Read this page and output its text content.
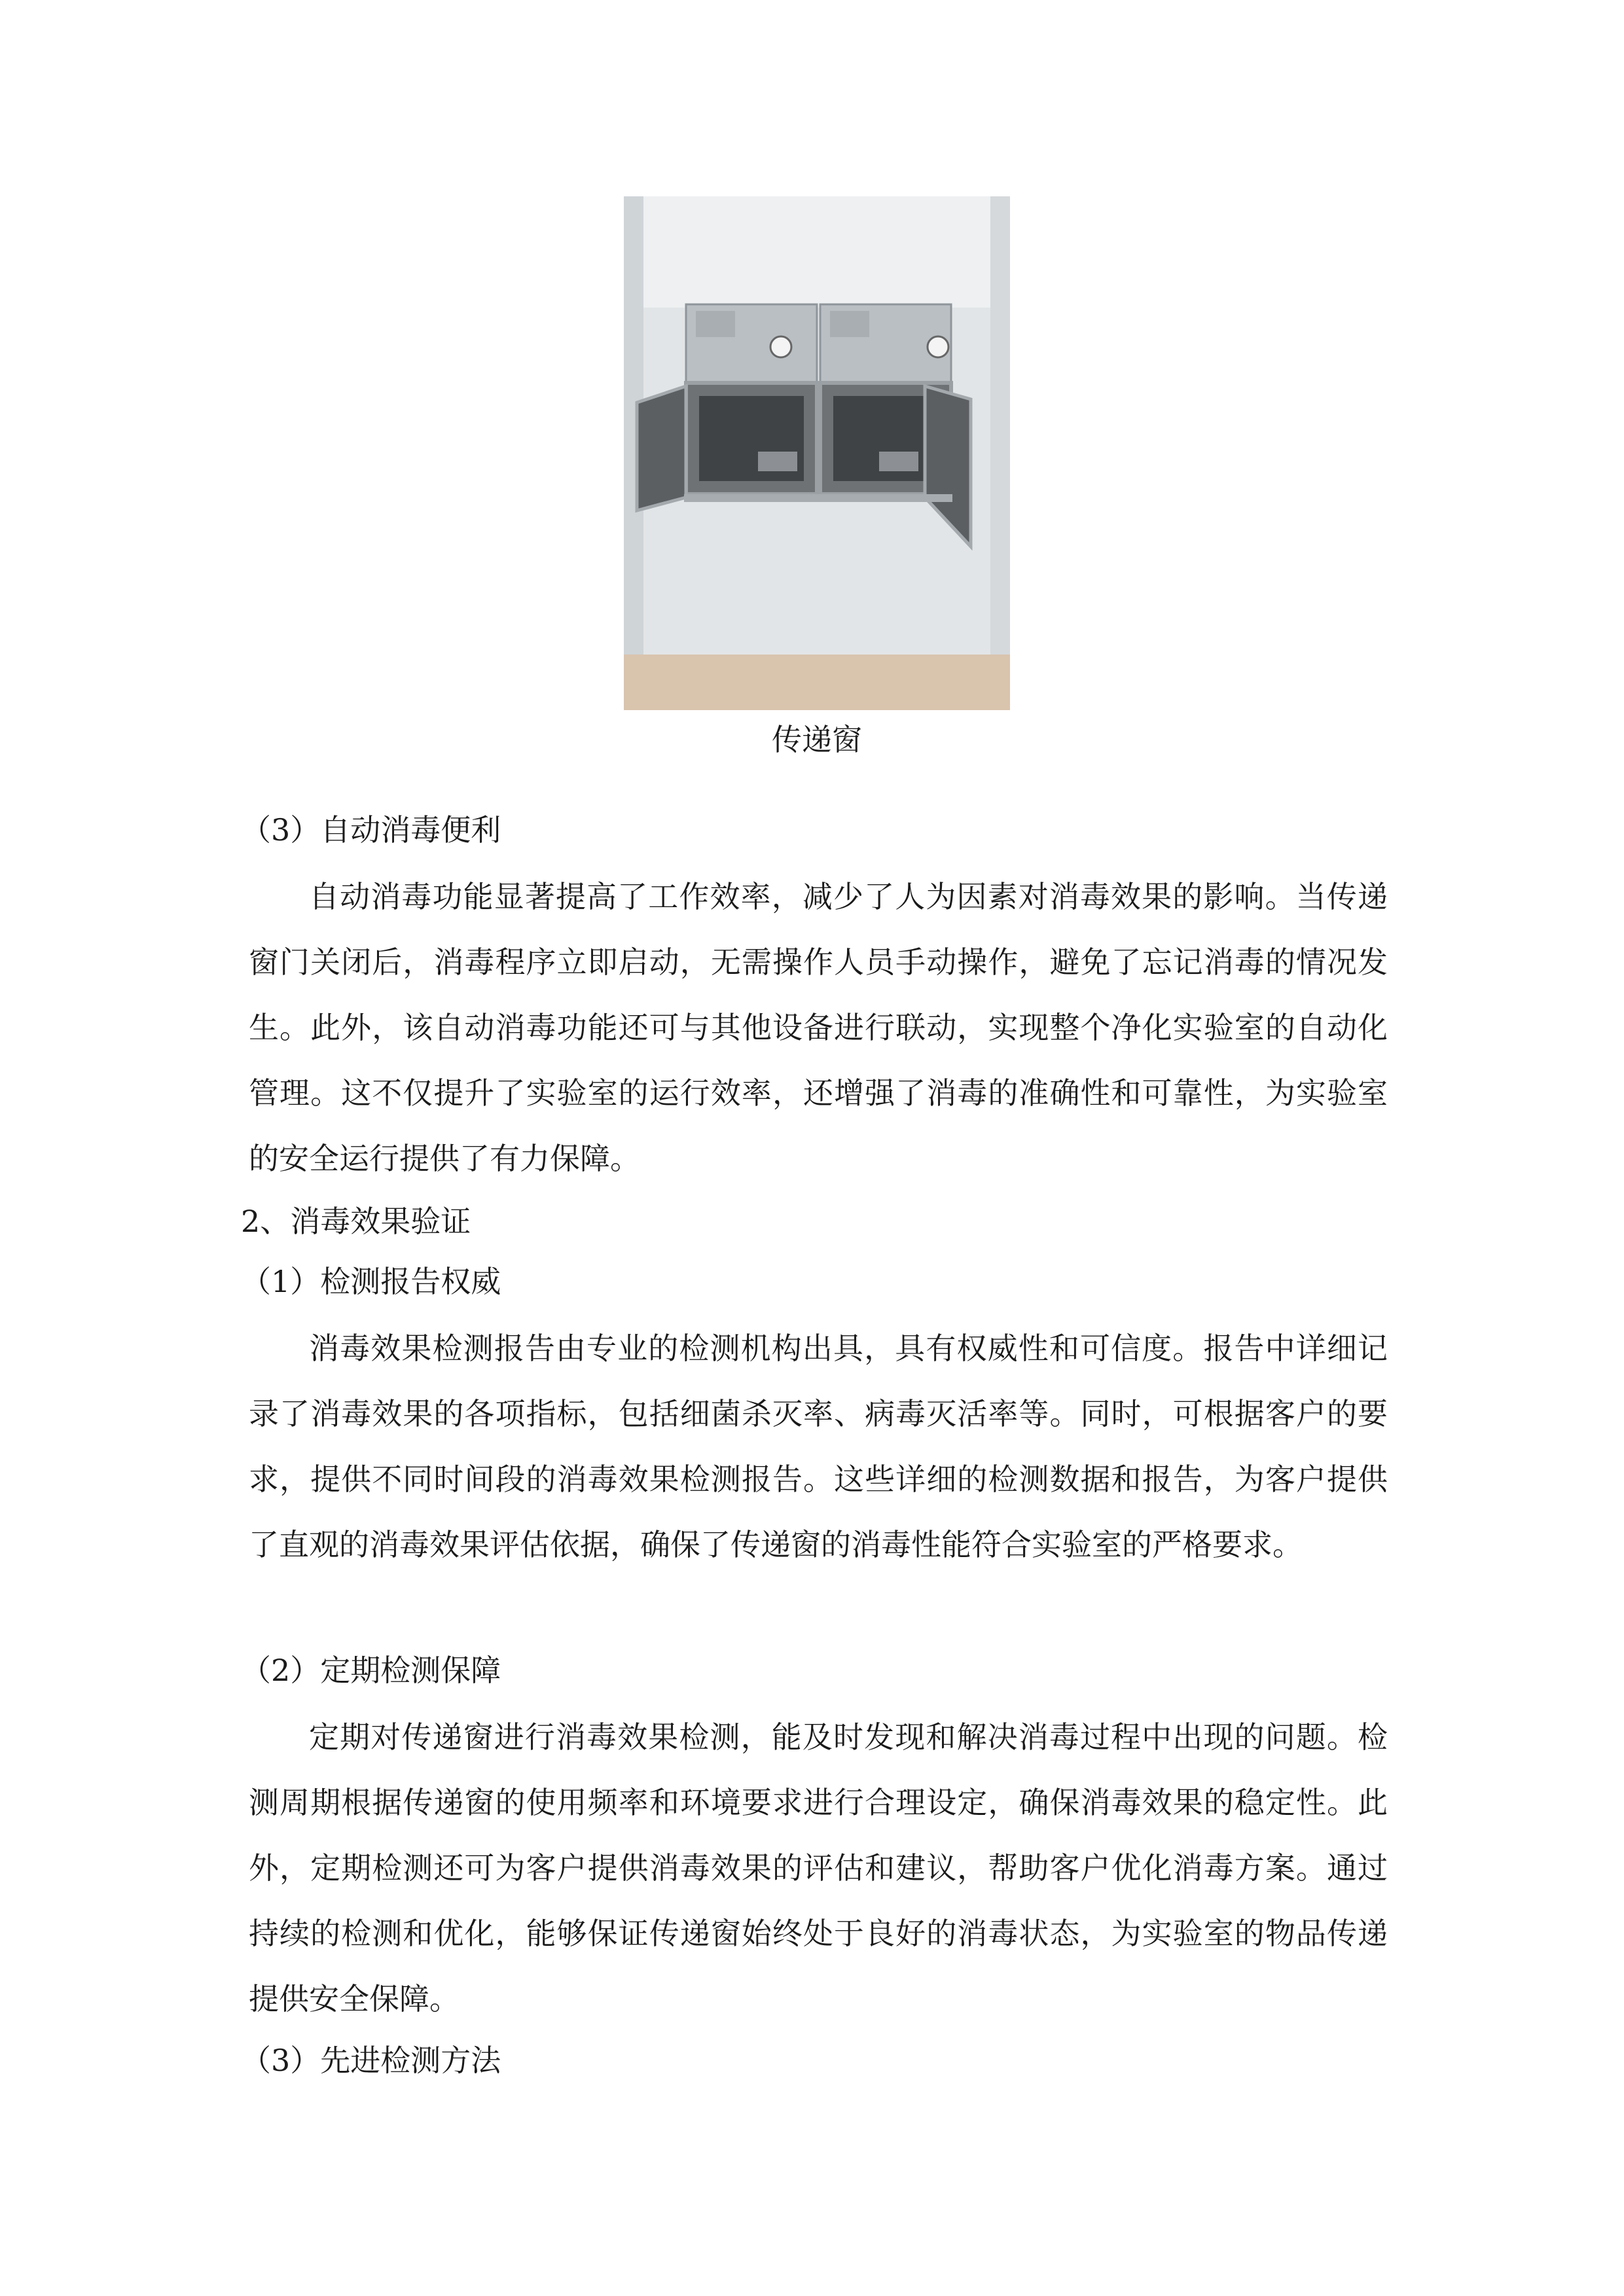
传递窗
（3）自动消毒便利

自动消毒功能显著提高了工作效率，减少了人为因素对消毒效果的影响。当传递窗门关闭后，消毒程序立即启动，无需操作人员手动操作，避免了忘记消毒的情况发生。此外，该自动消毒功能还可与其他设备进行联动，实现整个净化实验室的自动化管理。这不仅提升了实验室的运行效率，还增强了消毒的准确性和可靠性，为实验室的安全运行提供了有力保障。

2、消毒效果验证
（1）检测报告权威

消毒效果检测报告由专业的检测机构出具，具有权威性和可信度。报告中详细记录了消毒效果的各项指标，包括细菌杀灭率、病毒灭活率等。同时，可根据客户的要求，提供不同时间段的消毒效果检测报告。这些详细的检测数据和报告，为客户提供了直观的消毒效果评估依据，确保了传递窗的消毒性能符合实验室的严格要求。

（2）定期检测保障

定期对传递窗进行消毒效果检测，能及时发现和解决消毒过程中出现的问题。检测周期根据传递窗的使用频率和环境要求进行合理设定，确保消毒效果的稳定性。此外，定期检测还可为客户提供消毒效果的评估和建议，帮助客户优化消毒方案。通过持续的检测和优化，能够保证传递窗始终处于良好的消毒状态，为实验室的物品传递提供安全保障。

（3）先进检测方法
